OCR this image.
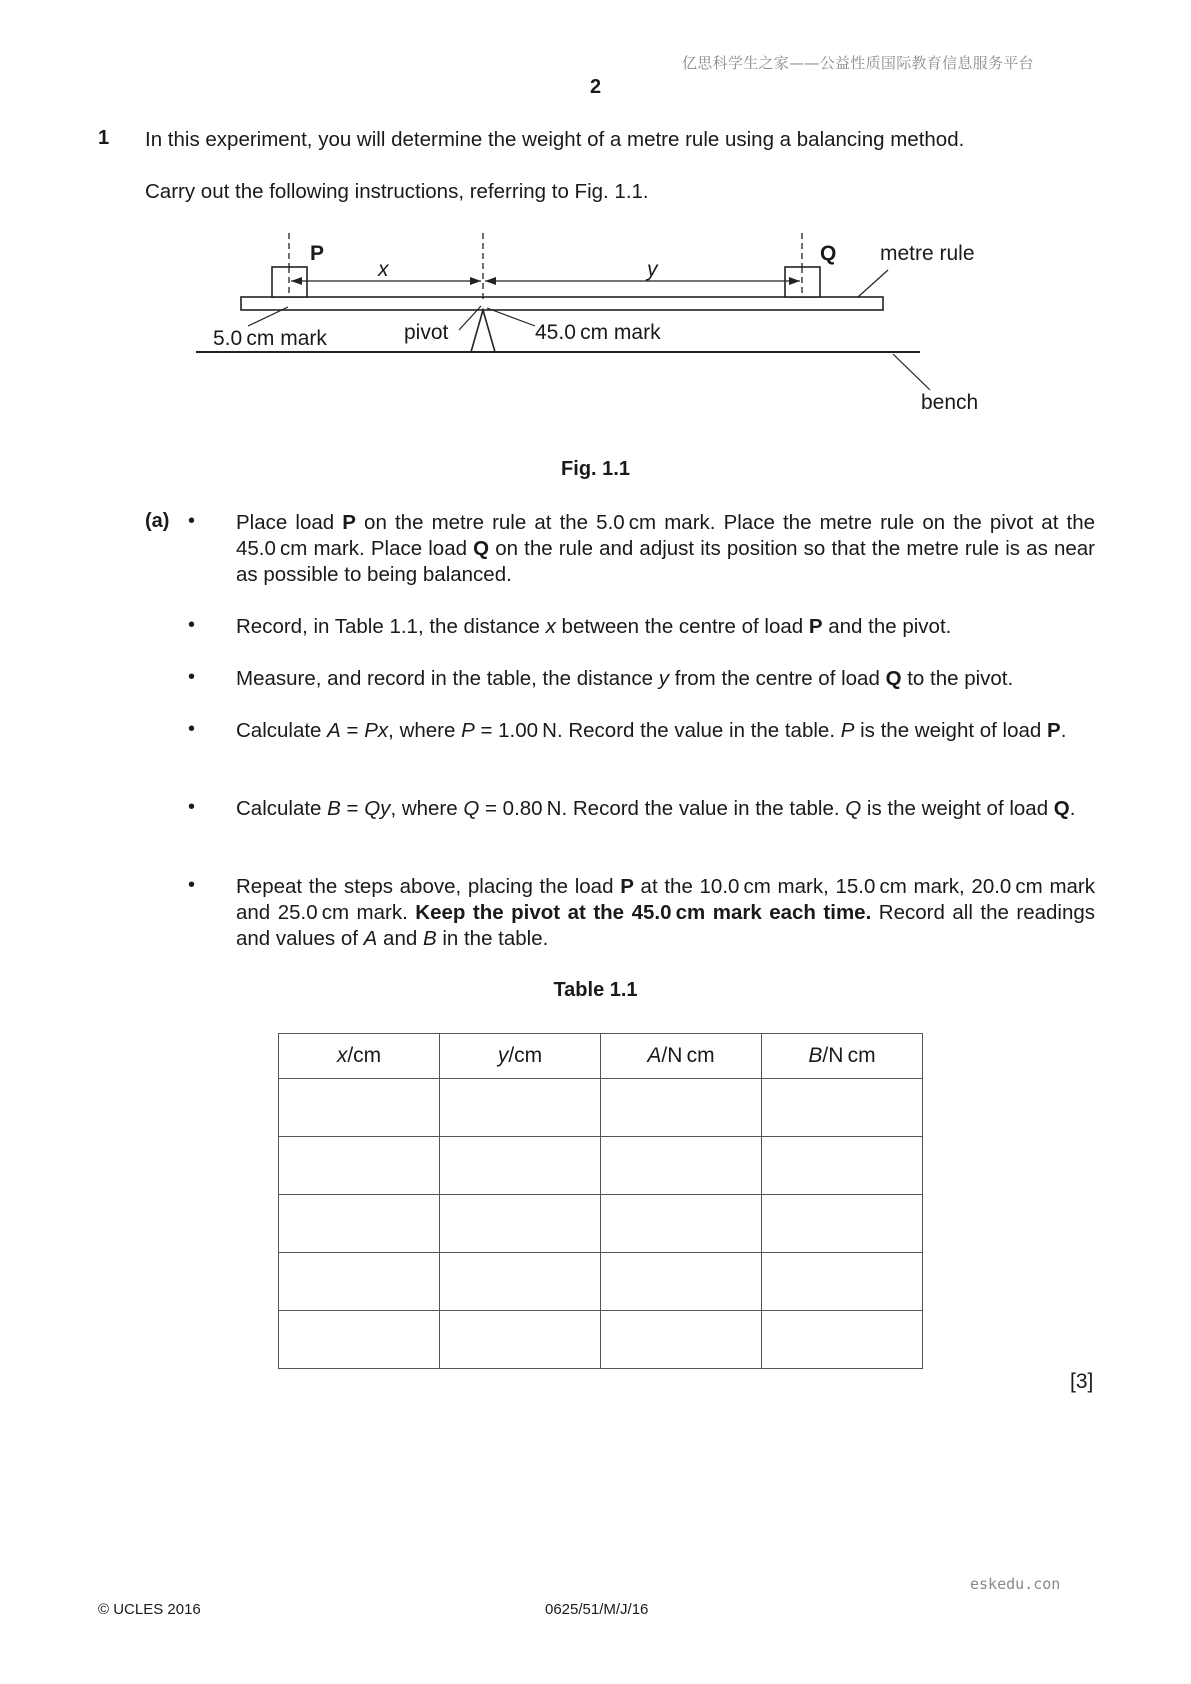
亿思科学生之家——公益性质国际教育信息服务平台
2
1 In this experiment, you will determine the weight of a metre rule using a balancing method.
Carry out the following instructions, referring to Fig. 1.1.
P	Q
x	y
metre rule
5.0 cm mark	pivot	45.0 cm mark
bench
Fig. 1.1
(a) • Place load P on the metre rule at the 5.0 cm mark. Place the metre rule on the pivot at the 45.0 cm mark. Place load Q on the rule and adjust its position so that the metre rule is as near as possible to being balanced.
• Record, in Table 1.1, the distance x between the centre of load P and the pivot.
• Measure, and record in the table, the distance y from the centre of load Q to the pivot.
• Calculate A = Px, where P = 1.00 N. Record the value in the table. P is the weight of load P.
• Calculate B = Qy, where Q = 0.80 N. Record the value in the table. Q is the weight of load Q.
• Repeat the steps above, placing the load P at the 10.0 cm mark, 15.0 cm mark, 20.0 cm mark and 25.0 cm mark. Keep the pivot at the 45.0 cm mark each time. Record all the readings and values of A and B in the table.
Table 1.1
x/cm	y/cm	A/N cm	B/N cm

[3]
eskedu.con
© UCLES 2016	0625/51/M/J/16
